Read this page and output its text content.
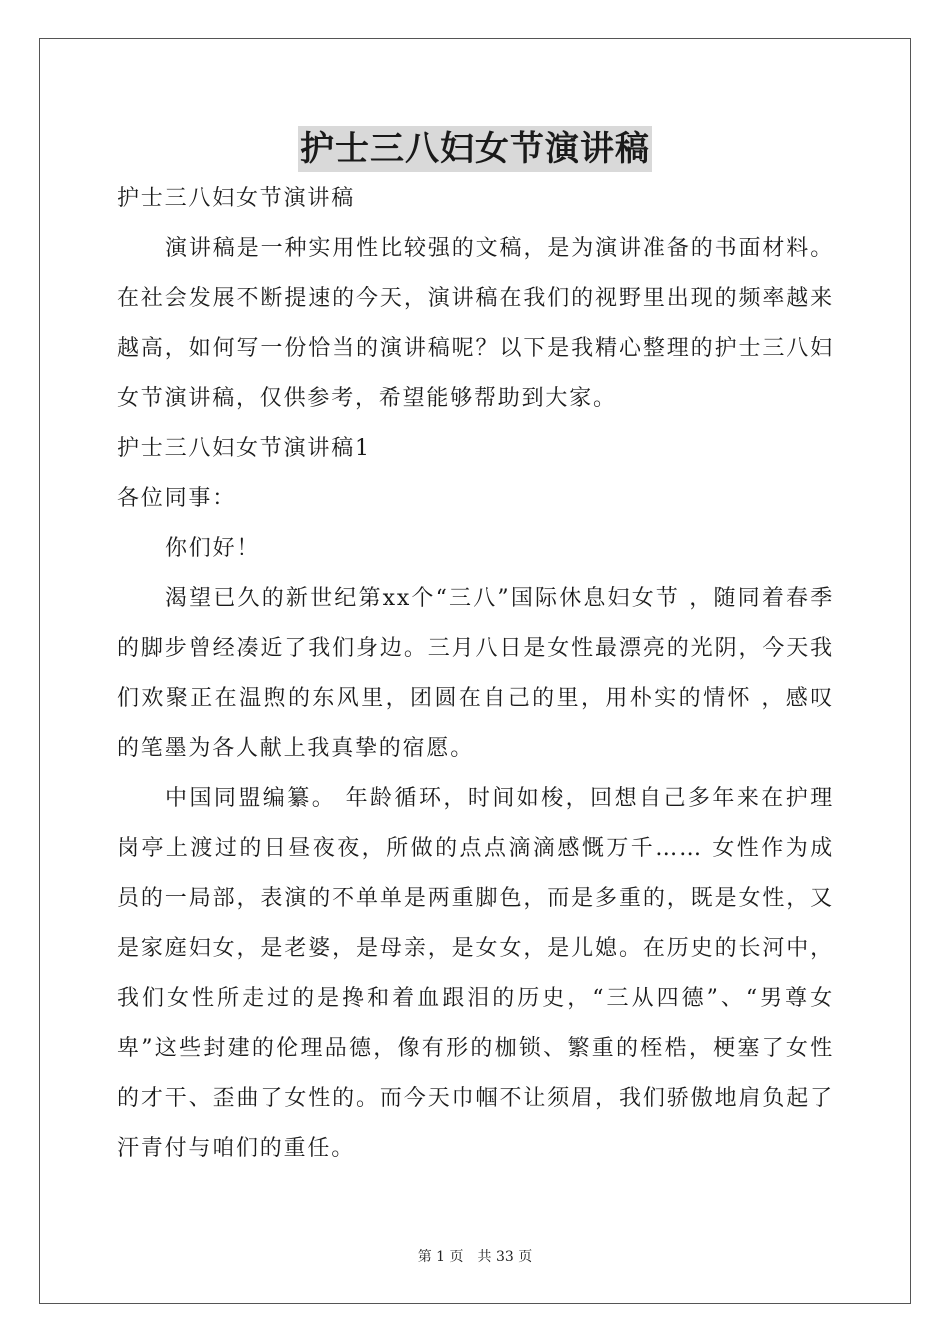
护士三八妇女节演讲稿

护士三八妇女节演讲稿

演讲稿是一种实用性比较强的文稿，是为演讲准备的书面材料。在社会发展不断提速的今天，演讲稿在我们的视野里出现的频率越来越高，如何写一份恰当的演讲稿呢？以下是我精心整理的护士三八妇女节演讲稿，仅供参考，希望能够帮助到大家。

护士三八妇女节演讲稿1

各位同事：

你们好！

渴望已久的新世纪第xx个“三八”国际休息妇女节 ，随同着春季的脚步曾经凑近了我们身边。三月八日是女性最漂亮的光阴，今天我们欢聚正在温煦的东风里，团圆在自己的里，用朴实的情怀 ，感叹的笔墨为各人献上我真挚的宿愿。

中国同盟编纂。 年龄循环，时间如梭，回想自己多年来在护理岗亭上渡过的日昼夜夜，所做的点点滴滴感慨万千…… 女性作为成员的一局部，表演的不单单是两重脚色，而是多重的，既是女性，又是家庭妇女，是老婆，是母亲，是女女，是儿媳。在历史的长河中，我们女性所走过的是搀和着血跟泪的历史，“三从四德”、“男尊女卑”这些封建的伦理品德，像有形的枷锁、繁重的桎梏，梗塞了女性的才干、歪曲了女性的。而今天巾帼不让须眉，我们骄傲地肩负起了汗青付与咱们的重任。

第 1 页　共 33 页
